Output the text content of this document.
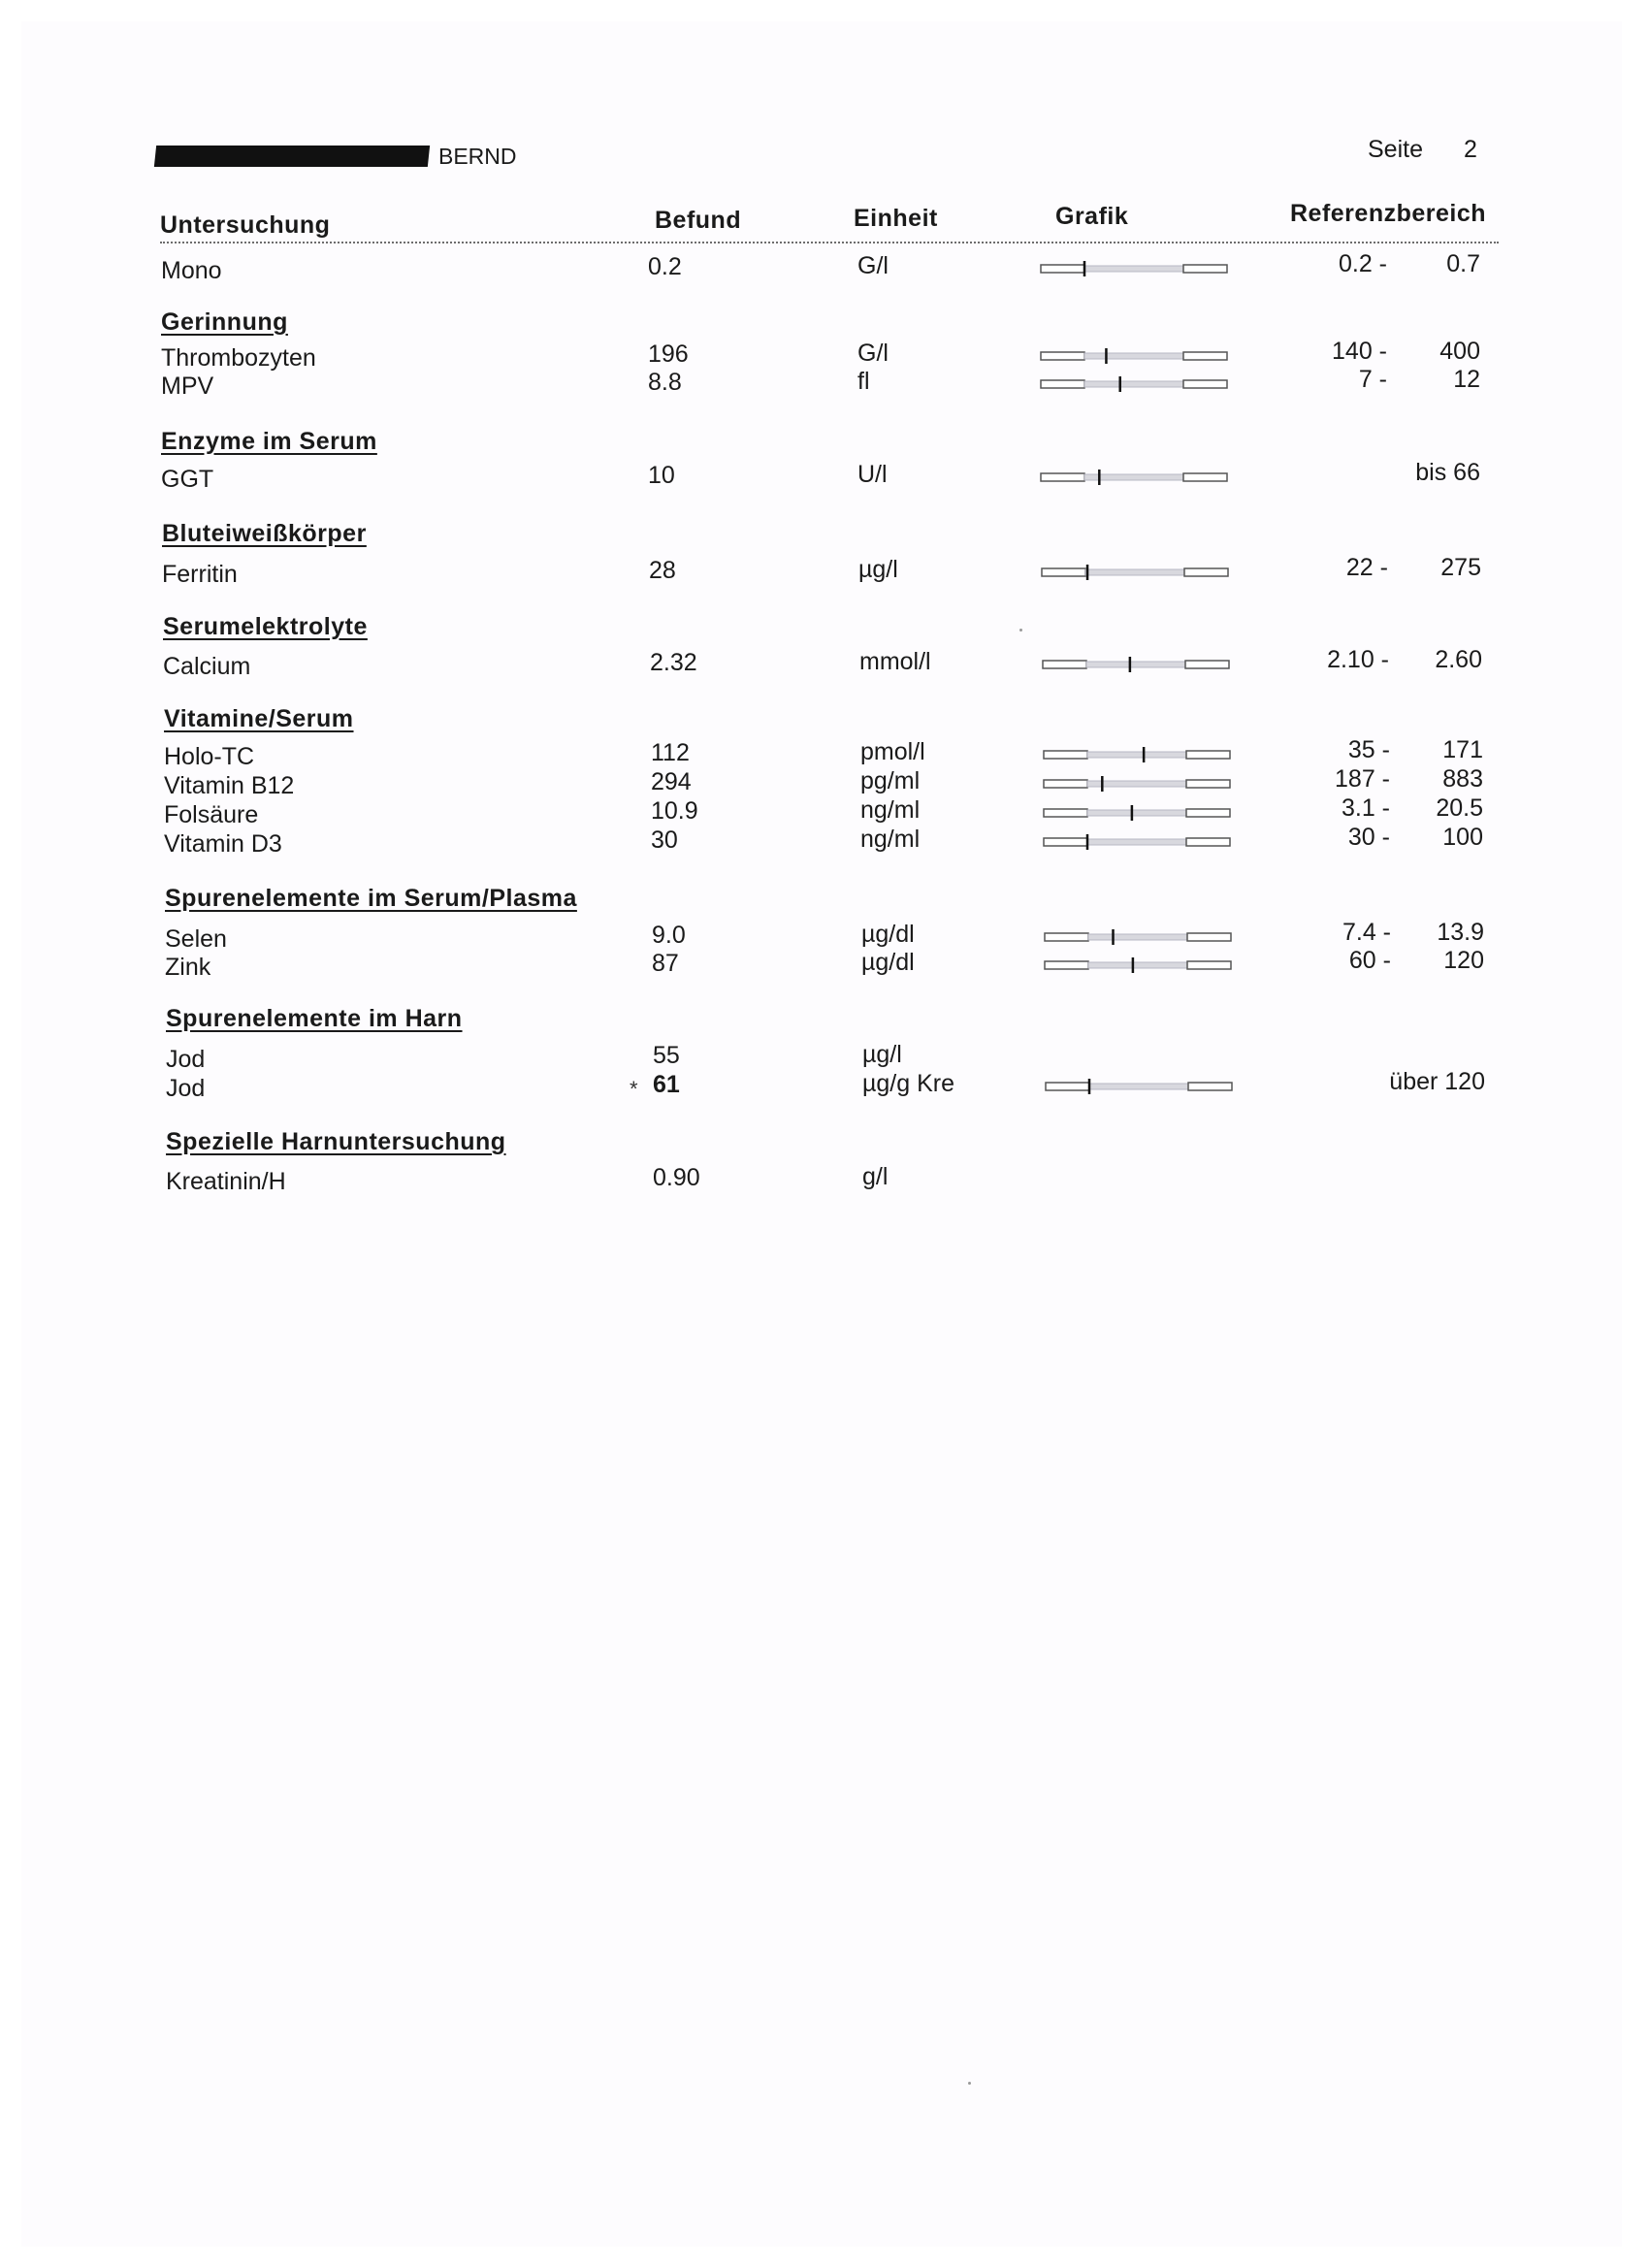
BERND	Seite 2
Untersuchung	Befund	Einheit	Grafik	Referenzbereich
Mono	0.2	G/l	0.2 -	0.7
Gerinnung
Thrombozyten	196	G/l	140 -	400
MPV	8.8	fl	7 -	12
Enzyme im Serum
GGT	10	U/l	bis 66
Bluteiweißkörper
Ferritin	28	µg/l	22 -	275
Serumelektrolyte
Calcium	2.32	mmol/l	2.10 -	2.60
Vitamine/Serum
Holo-TC	112	pmol/l	35 -	171
Vitamin B12	294	pg/ml	187 -	883
Folsäure	10.9	ng/ml	3.1 -	20.5
Vitamin D3	30	ng/ml	30 -	100
Spurenelemente im Serum/Plasma
Selen	9.0	µg/dl	7.4 -	13.9
Zink	87	µg/dl	60 -	120
Spurenelemente im Harn
Jod	55	µg/l
Jod	* 61	µg/g Kre	über 120
Spezielle Harnuntersuchung
Kreatinin/H	0.90	g/l
